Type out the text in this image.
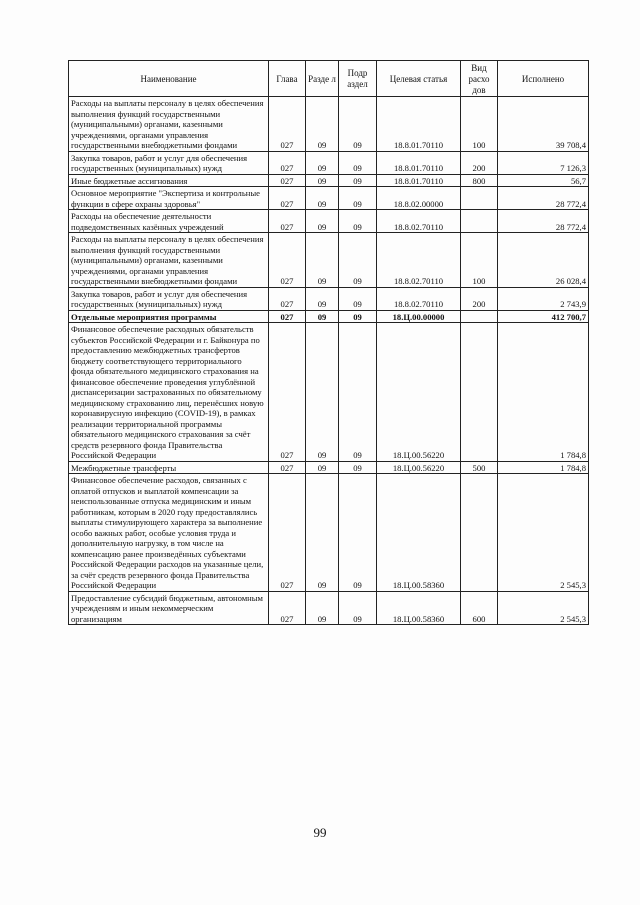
Наименование	Глава	Разде л	Подр аздел	Целевая статья	Вид расхо дов	Исполнено
Расходы на выплаты персоналу в целях обеспечения выполнения функций государственными (муниципальными) органами, казенными учреждениями, органами управления государственными внебюджетными фондами	027	09	09	18.8.01.70110	100	39 708,4
Закупка товаров, работ и услуг для обеспечения государственных (муниципальных) нужд	027	09	09	18.8.01.70110	200	7 126,3
Иные бюджетные ассигнования	027	09	09	18.8.01.70110	800	56,7
Основное мероприятие "Экспертиза и контрольные функции в сфере охраны здоровья"	027	09	09	18.8.02.00000		28 772,4
Расходы на обеспечение деятельности подведомственных казённых учреждений	027	09	09	18.8.02.70110		28 772,4
Расходы на выплаты персоналу в целях обеспечения выполнения функций государственными (муниципальными) органами, казенными учреждениями, органами управления государственными внебюджетными фондами	027	09	09	18.8.02.70110	100	26 028,4
Закупка товаров, работ и услуг для обеспечения государственных (муниципальных) нужд	027	09	09	18.8.02.70110	200	2 743,9
Отдельные мероприятия программы	027	09	09	18.Ц.00.00000		412 700,7
Финансовое обеспечение расходных обязательств субъектов Российской Федерации и г. Байконура по предоставлению межбюджетных трансфертов бюджету соответствующего территориального фонда обязательного медицинского страхования на финансовое обеспечение проведения углублённой диспансеризации застрахованных по обязательному медицинскому страхованию лиц, перенёсших новую коронавирусную инфекцию (COVID-19), в рамках реализации территориальной программы обязательного медицинского страхования за счёт средств резервного фонда Правительства Российской Федерации	027	09	09	18.Ц.00.56220		1 784,8
Межбюджетные трансферты	027	09	09	18.Ц.00.56220	500	1 784,8
Финансовое обеспечение расходов, связанных с оплатой отпусков и выплатой компенсации за неиспользованные отпуска медицинским и иным работникам, которым в 2020 году предоставлялись выплаты стимулирующего характера за выполнение особо важных работ, особые условия труда и дополнительную нагрузку, в том числе на компенсацию ранее произведённых субъектами Российской Федерации расходов на указанные цели, за счёт средств резервного фонда Правительства Российской Федерации	027	09	09	18.Ц.00.58360		2 545,3
Предоставление субсидий бюджетным, автономным учреждениям и иным некоммерческим организациям	027	09	09	18.Ц.00.58360	600	2 545,3
99
